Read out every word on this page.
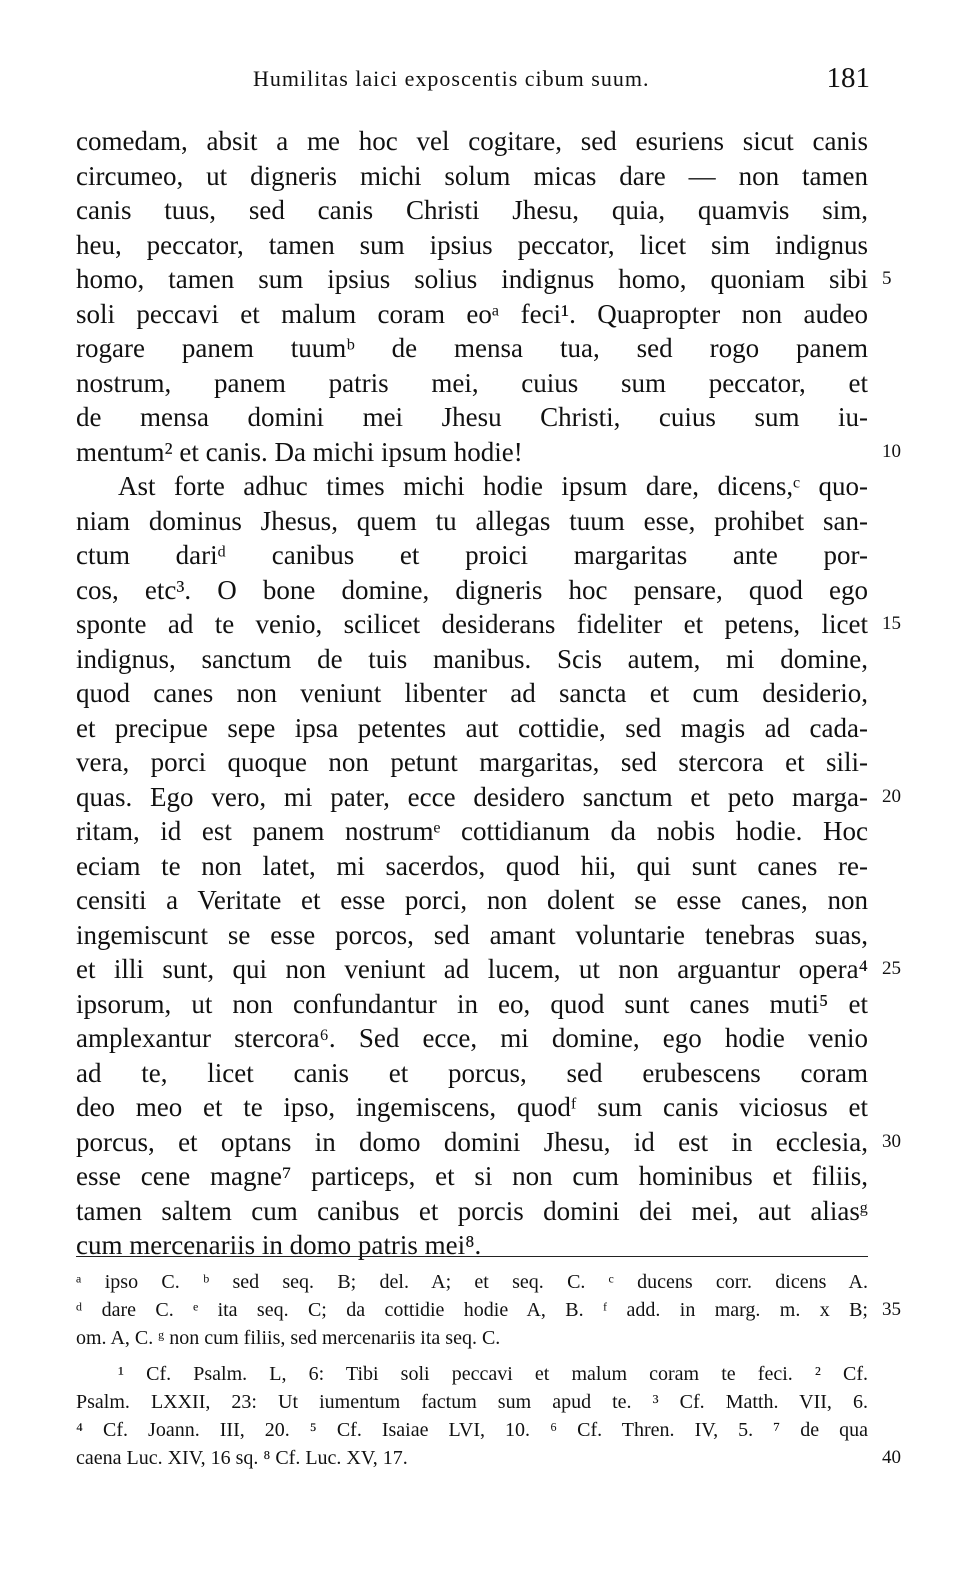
Humilitas laici exposcentis cibum suum.	181
comedam, absit a me hoc vel cogitare, sed esuriens sicut canis
circumeo, ut digneris michi solum micas dare — non tamen
canis tuus, sed canis Christi Jhesu, quia, quamvis sim,
heu, peccator, tamen sum ipsius peccator, licet sim indignus
homo, tamen sum ipsius solius indignus homo, quoniam sibi 5
soli peccavi et malum coram eoᵃ feci¹. Quapropter non audeo
rogare panem tuumᵇ de mensa tua, sed rogo panem
nostrum, panem patris mei, cuius sum peccator, et
de mensa domini mei Jhesu Christi, cuius sum iu-
mentum² et canis. Da michi ipsum hodie!	10
Ast forte adhuc times michi hodie ipsum dare, dicens,ᶜ quo-
niam dominus Jhesus, quem tu allegas tuum esse, prohibet san-
ctum dariᵈ canibus et proici margaritas ante por-
cos, etc³. O bone domine, digneris hoc pensare, quod ego
sponte ad te venio, scilicet desiderans fideliter et petens, licet 15
indignus, sanctum de tuis manibus. Scis autem, mi domine,
quod canes non veniunt libenter ad sancta et cum desiderio,
et precipue sepe ipsa petentes aut cottidie, sed magis ad cada-
vera, porci quoque non petunt margaritas, sed stercora et sili-
quas. Ego vero, mi pater, ecce desidero sanctum et peto marga- 20
ritam, id est panem nostrumᵉ cottidianum da nobis hodie. Hoc
eciam te non latet, mi sacerdos, quod hii, qui sunt canes re-
censiti a Veritate et esse porci, non dolent se esse canes, non
ingemiscunt se esse porcos, sed amant voluntarie tenebras suas,
et illi sunt, qui non veniunt ad lucem, ut non arguantur opera⁴ 25
ipsorum, ut non confundantur in eo, quod sunt canes muti⁵ et
amplexantur stercora⁶. Sed ecce, mi domine, ego hodie venio
ad te, licet canis et porcus, sed erubescens coram
deo meo et te ipso, ingemiscens, quodᶠ sum canis viciosus et
porcus, et optans in domo domini Jhesu, id est in ecclesia, 30
esse cene magne⁷ particeps, et si non cum hominibus et filiis,
tamen saltem cum canibus et porcis domini dei mei, aut aliasᵍ
cum mercenariis in domo patris mei⁸.
ᵃ ipso C. ᵇ sed seq. B; del. A; et seq. C. ᶜ ducens corr. dicens A.
ᵈ dare C. ᵉ ita seq. C; da cottidie hodie A, B. ᶠ add. in marg. m. x B; 35
om. A, C. ᵍ non cum filiis, sed mercenariis ita seq. C.
¹ Cf. Psalm. L, 6: Tibi soli peccavi et malum coram te feci. ² Cf.
Psalm. LXXII, 23: Ut iumentum factum sum apud te. ³ Cf. Matth. VII, 6.
⁴ Cf. Joann. III, 20. ⁵ Cf. Isaiae LVI, 10. ⁶ Cf. Thren. IV, 5. ⁷ de qua
caena Luc. XIV, 16 sq. ⁸ Cf. Luc. XV, 17.	40
